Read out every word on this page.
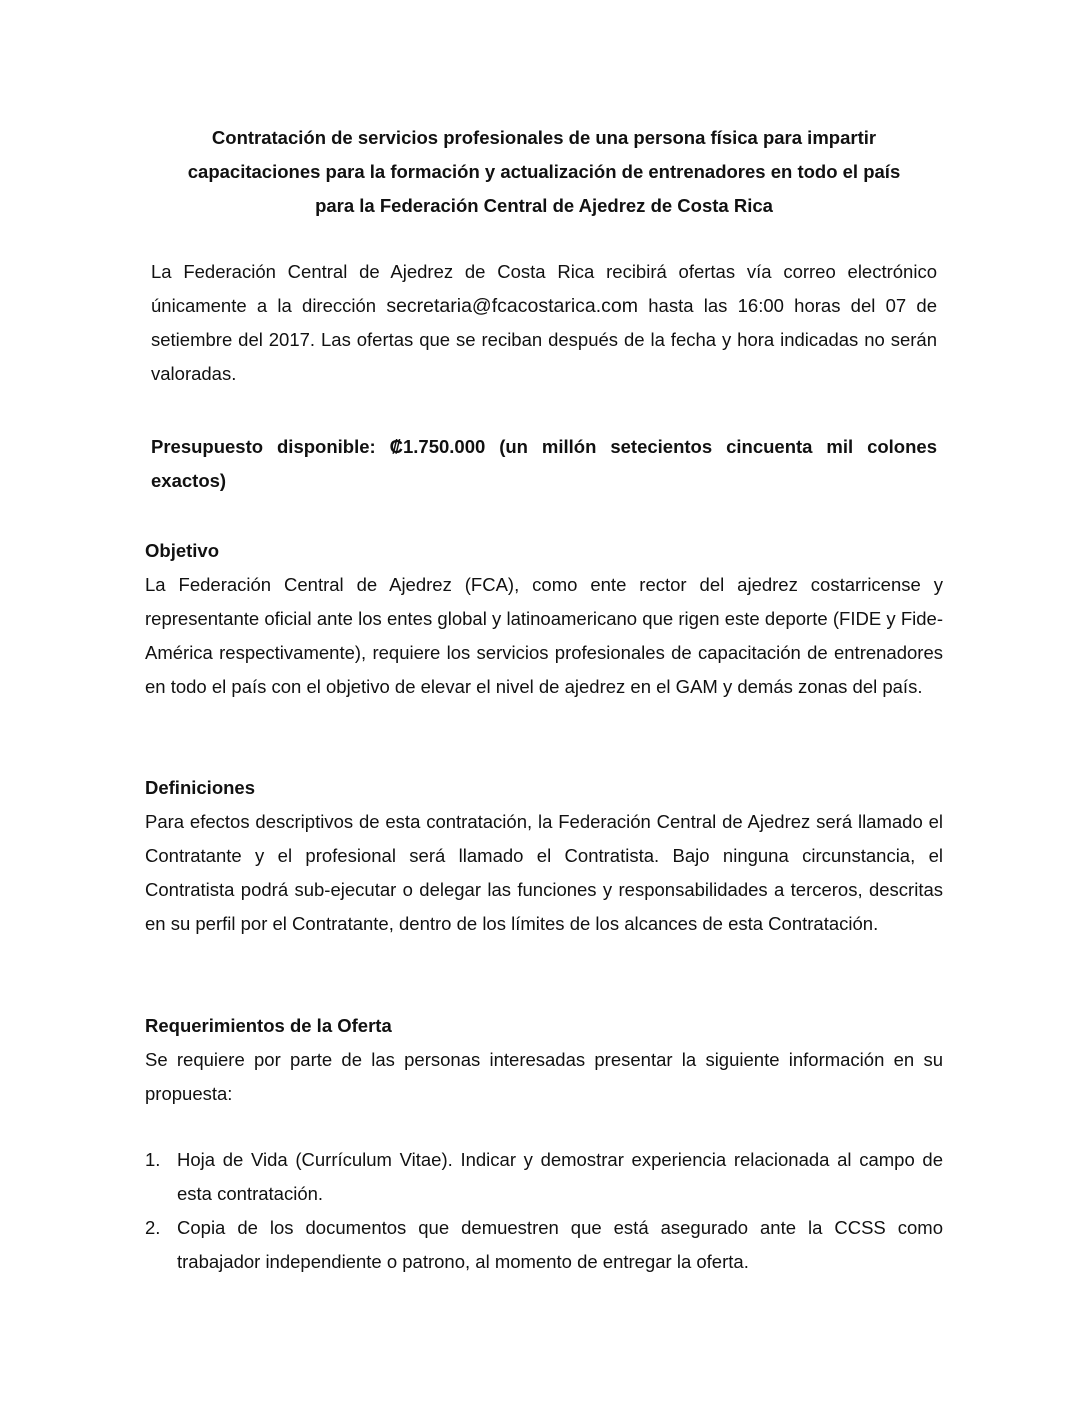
Contratación de servicios profesionales de una persona física para impartir
capacitaciones para la formación y actualización de entrenadores en todo el país
para la Federación Central de Ajedrez de Costa Rica

La Federación Central de Ajedrez de Costa Rica recibirá ofertas vía correo electrónico únicamente a la dirección secretaria@fcacostarica.com hasta las 16:00 horas del 07 de setiembre del 2017. Las ofertas que se reciban después de la fecha y hora indicadas no serán valoradas.

Presupuesto disponible: ₡1.750.000 (un millón setecientos cincuenta mil colones exactos)

Objetivo

La Federación Central de Ajedrez (FCA), como ente rector del ajedrez costarricense y representante oficial ante los entes global y latinoamericano que rigen este deporte (FIDE y Fide-América respectivamente), requiere los servicios profesionales de capacitación de entrenadores en todo el país con el objetivo de elevar el nivel de ajedrez en el GAM y demás zonas del país.

Definiciones

Para efectos descriptivos de esta contratación, la Federación Central de Ajedrez será llamado el Contratante y el profesional será llamado el Contratista. Bajo ninguna circunstancia, el Contratista podrá sub-ejecutar o delegar las funciones y responsabilidades a terceros, descritas en su perfil por el Contratante, dentro de los límites de los alcances de esta Contratación.

Requerimientos de la Oferta

Se requiere por parte de las personas interesadas presentar la siguiente información en su propuesta:

1. Hoja de Vida (Currículum Vitae). Indicar y demostrar experiencia relacionada al campo de esta contratación.
2. Copia de los documentos que demuestren que está asegurado ante la CCSS como trabajador independiente o patrono, al momento de entregar la oferta.
